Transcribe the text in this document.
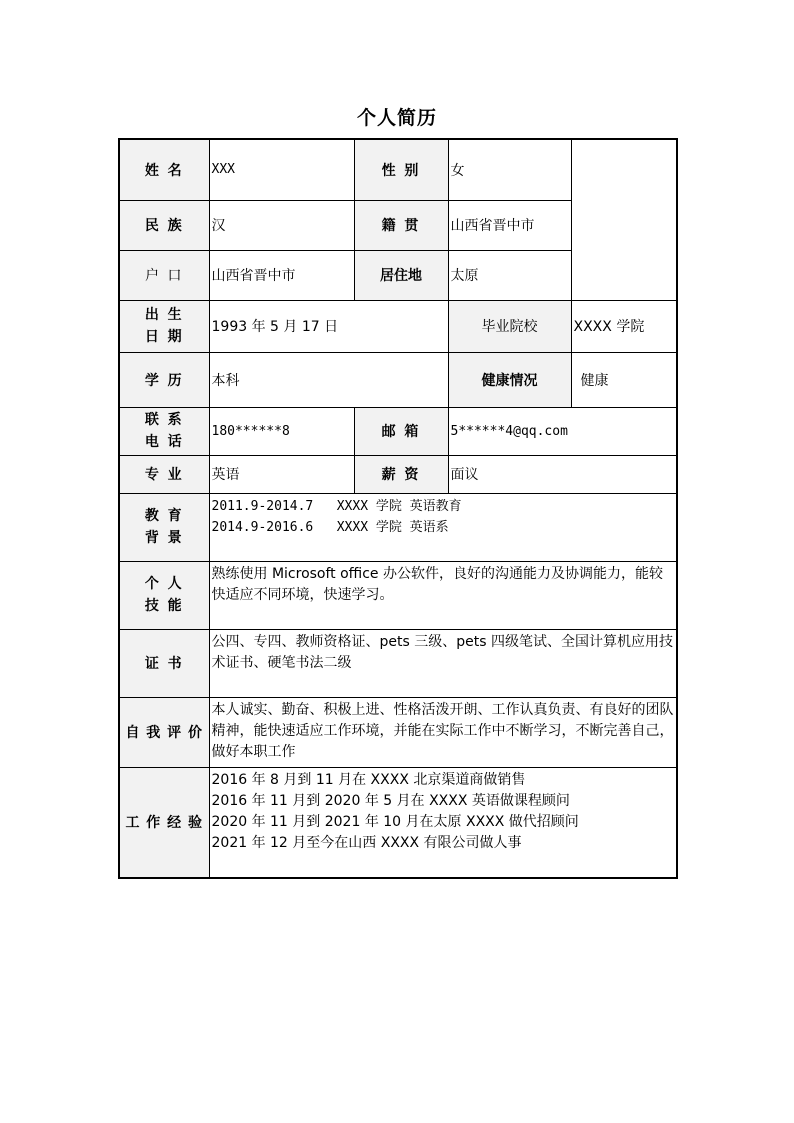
个人简历
姓 名	XXX	性 别	女	
民 族	汉	籍 贯	山西省晋中市	
户 口	山西省晋中市	居住地	太原	

出 生
日 期	1993 年 5 月 17 日		毕业院校	XXXX 学院
学 历	本科		健康情况	健康

联 系
电 话	180******8	邮 箱	5******4@qq.com	
专 业	英语	薪 资	面议	

教 育
背 景	2011.9-2014.7   XXXX 学院 英语教育
2014.9-2016.6   XXXX 学院 英语系			

个 人
技 能	熟练使用 Microsoft office 办公软件，良好的沟通能力及协调能力，能较快适应不同环境，快速学习。			
证 书	公四、专四、教师资格证、pets 三级、pets 四级笔试、全国计算机应用技术证书、硬笔书法二级			
自 我 评 价	本人诚实、勤奋、积极上进、性格活泼开朗、工作认真负责、有良好的团队精神，能快速适应工作环境，并能在实际工作中不断学习，不断完善自己，做好本职工作			
工 作 经 验	2016 年 8 月到 11 月在 XXXX 北京渠道商做销售
2016 年 11 月到 2020 年 5 月在 XXXX 英语做课程顾问
2020 年 11 月到 2021 年 10 月在太原 XXXX 做代招顾问
2021 年 12 月至今在山西 XXXX 有限公司做人事			
